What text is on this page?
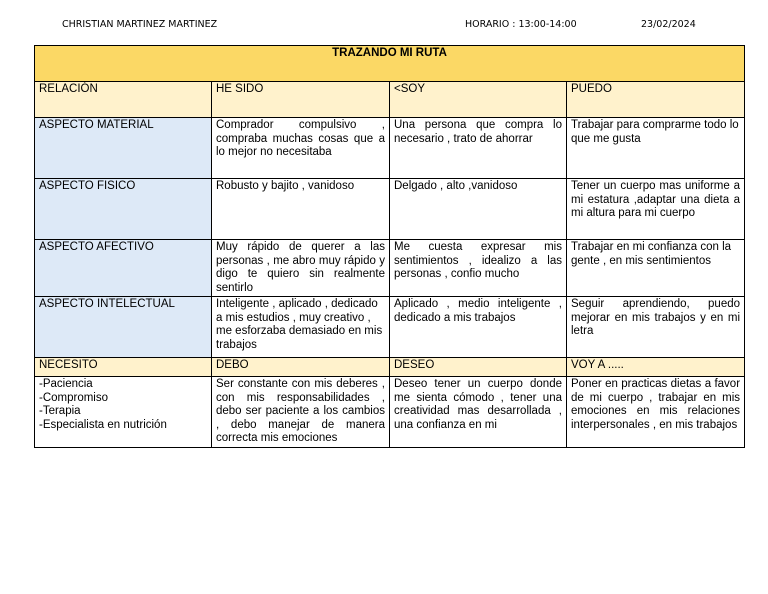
CHRISTIAN MARTINEZ MARTINEZ	HORARIO : 13:00-14:00	23/02/2024
TRAZANDO MI RUTA			
RELACIÓN	HE SIDO	<SOY	PUEDO
ASPECTO MATERIAL	Comprador compulsivo , compraba muchas cosas que a lo mejor no necesitaba	Una persona que compra lo necesario , trato de ahorrar	Trabajar para comprarme todo lo que me gusta
ASPECTO FISICO	Robusto y bajito , vanidoso	Delgado , alto ,vanidoso	Tener un cuerpo mas uniforme a mi estatura ,adaptar una dieta a mi altura para mi cuerpo
ASPECTO AFECTIVO	Muy rápido de querer a las personas , me abro muy rápido y digo te quiero sin realmente sentirlo	Me cuesta expresar mis sentimientos , idealizo a las personas , confio mucho	Trabajar en mi confianza con la gente , en mis sentimientos
ASPECTO INTELECTUAL	Inteligente , aplicado , dedicado a mis estudios , muy creativo , me esforzaba demasiado en mis trabajos	Aplicado , medio inteligente , dedicado a mis trabajos	Seguir aprendiendo, puedo mejorar en mis trabajos y en mi letra
NECESITO	DEBO	DESEO	VOY A .....

-Paciencia
-Compromiso
-Terapia
-Especialista en nutrición	Ser constante con mis deberes , con mis responsabilidades , debo ser paciente a los cambios , debo manejar de manera correcta mis emociones	Deseo tener un cuerpo donde me sienta cómodo , tener una creatividad mas desarrollada , una confianza en mi	Poner en practicas dietas a favor de mi cuerpo , trabajar en mis emociones en mis relaciones interpersonales , en mis trabajos
